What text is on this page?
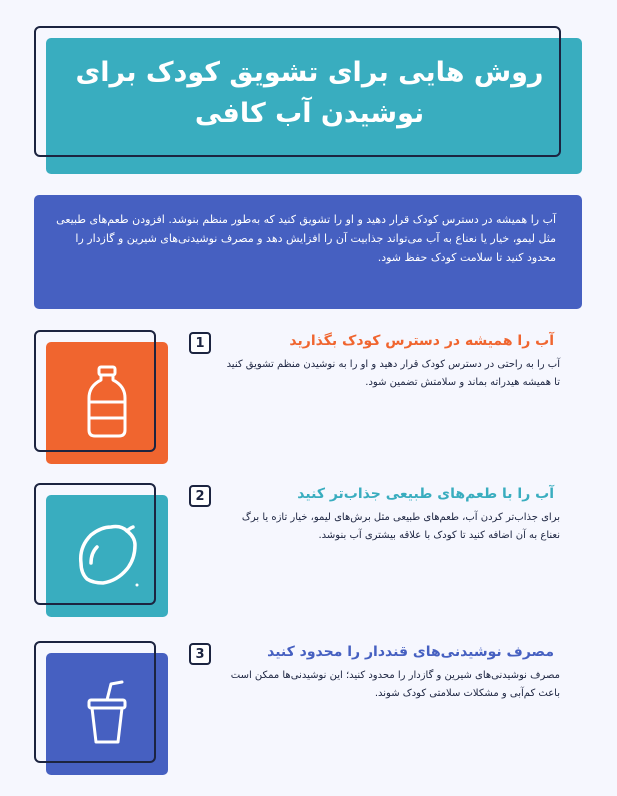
روش هایی برای تشویق کودک برای نوشیدن آب کافی

آب را همیشه در دسترس کودک قرار دهید و او را تشویق کنید که به‌طور منظم بنوشد. افزودن طعم‌های طبیعی مثل لیمو، خیار یا نعناع به آب می‌تواند جذابیت آن را افزایش دهد و مصرف نوشیدنی‌های شیرین و گازدار را محدود کنید تا سلامت کودک حفظ شود.

1	آب را همیشه در دسترس کودک بگذارید

آب را به راحتی در دسترس کودک قرار دهید و او را به نوشیدن منظم تشویق کنید تا همیشه هیدراته بماند و سلامتش تضمین شود.

2	آب را با طعم‌های طبیعی جذاب‌تر کنید

برای جذاب‌تر کردن آب، طعم‌های طبیعی مثل برش‌های لیمو، خیار تازه یا برگ نعناع به آن اضافه کنید تا کودک با علاقه بیشتری آب بنوشد.

3	مصرف نوشیدنی‌های قنددار را محدود کنید

مصرف نوشیدنی‌های شیرین و گازدار را محدود کنید؛ این نوشیدنی‌ها ممکن است باعث کم‌آبی و مشکلات سلامتی کودک شوند.
